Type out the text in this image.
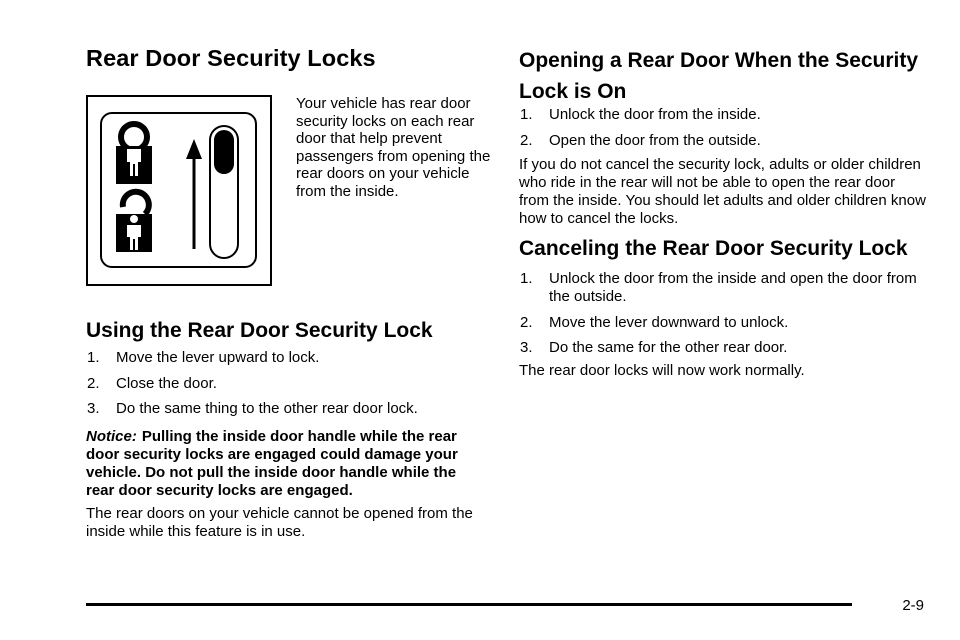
Rear Door Security Locks

Your vehicle has rear door security locks on each rear door that help prevent passengers from opening the rear doors on your vehicle from the inside.

Using the Rear Door Security Lock
1.	Move the lever upward to lock.
2.	Close the door.
3.	Do the same thing to the other rear door lock.

Notice: Pulling the inside door handle while the rear door security locks are engaged could damage your vehicle. Do not pull the inside door handle while the rear door security locks are engaged.

The rear doors on your vehicle cannot be opened from the inside while this feature is in use.

Opening a Rear Door When the Security Lock is On
1.	Unlock the door from the inside.
2.	Open the door from the outside.

If you do not cancel the security lock, adults or older children who ride in the rear will not be able to open the rear door from the inside. You should let adults and older children know how to cancel the locks.

Canceling the Rear Door Security Lock
1.	Unlock the door from the inside and open the door from the outside.
2.	Move the lever downward to unlock.
3.	Do the same for the other rear door.

The rear door locks will now work normally.

2-9
